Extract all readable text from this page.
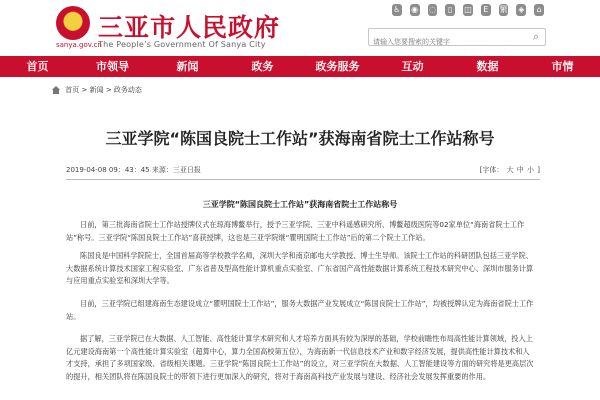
★
sanya.gov.cn
三亚市人民政府
The People’s Government Of Sanya City
♿ ◉ ◌	▯	◫ E 繁 ◈ ⌂
请输入您要搜索的关键字
⌕
首页	市领导	新闻	政务	政务服务	互动	数据	市情
首页 > 新闻 > 政务动态
三亚学院“陈国良院士工作站”获海南省院士工作站称号
2019-04-08 09：43：45 来源：三亚日报	[字体： 大 中 小 ]
三亚学院“陈国良院士工作站”获海南省院士工作站称号
日前，第三批海南省院士工作站授牌仪式在琼海博鳌举行，授予三亚学院、三亚中科遥感研究所、博鳌超级医院等02家单位“海南省院士工作站”称号。三亚学院“陈国良院士工作站”喜获授牌，这也是三亚学院继“瞿明国院士工作站”后的第二个院士工作站。
陈国良是中国科学院院士，全国首届高等学校教学名师，深圳大学和南京邮电大学教授、博士生导师。该院士工作站的科研团队包括三亚学院、大数据系统计算技术国家工程实验室、广东省普及型高性能计算机重点实验室、广东省国产高性能数据计算系统工程技术研究中心、深圳市服务计算与应用重点实验室和深圳大学等。
目前，三亚学院已组建海南生态建设成立“瞿明国院士工作站”，服务大数据产业发展成立“陈国良院士工作站”，均被授牌认定为海南省院士工作站。
据了解，三亚学院已在大数据、人工智能、高性能计算学术研究和人才培养方面具有较为深厚的基础，学校前瞻性布局高性能计算领域，投入上亿元建设海南第一个高性能计算实验室（超算中心，算力全国高校第五位），为海南新一代信息技术产业和数字经济发展，提供高性能计算技术和人才支持，承担了多项国家级、省级相关课题。三亚学院“陈国良院士工作站”的设立，对三亚学院在大数据、人工智能建设等方面的研究将是更高层次的提升，相关团队将在陈国良院士的带领下进行更加深入的研究，将对于海南高科技产业发展与建设、经济社会发展发挥重要的作用。
